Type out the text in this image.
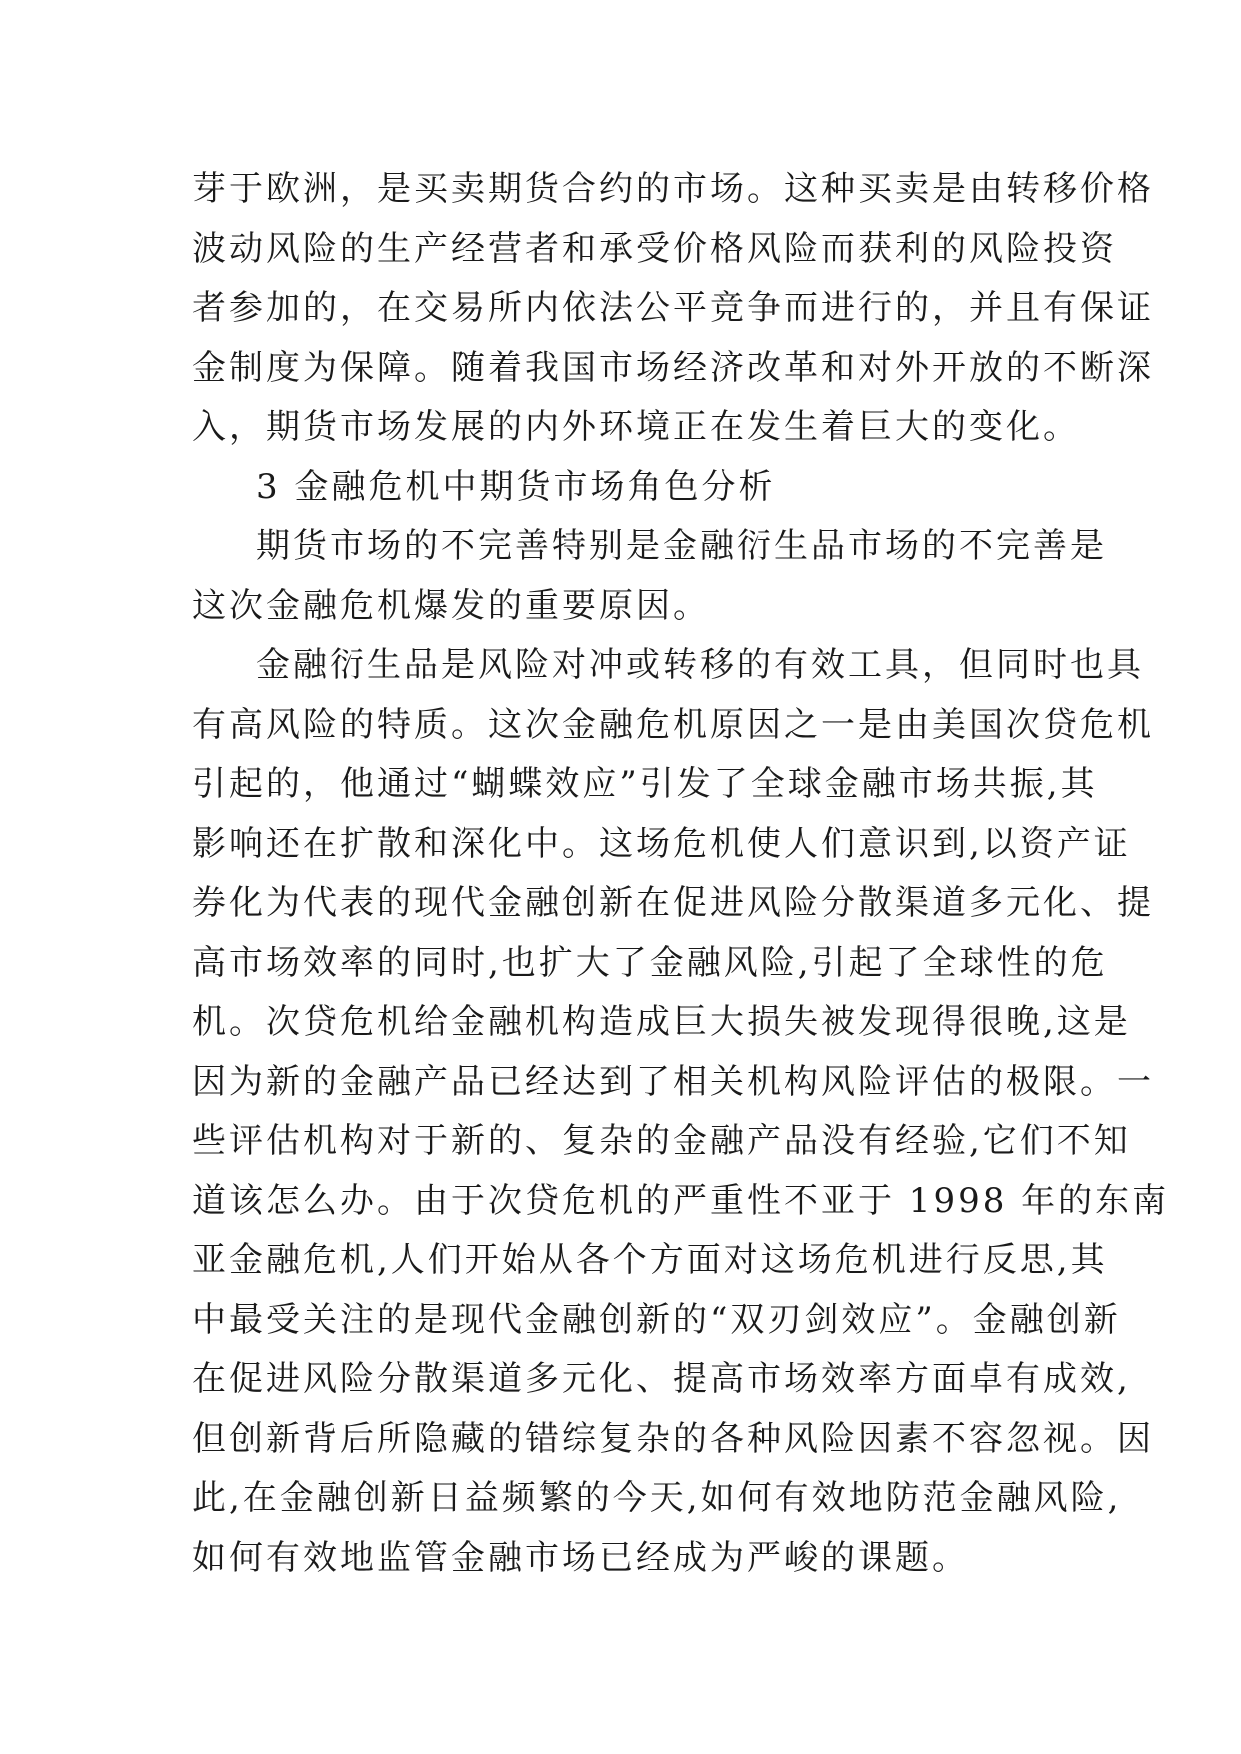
芽于欧洲，是买卖期货合约的市场。这种买卖是由转移价格
波动风险的生产经营者和承受价格风险而获利的风险投资
者参加的，在交易所内依法公平竞争而进行的，并且有保证
金制度为保障。随着我国市场经济改革和对外开放的不断深
入，期货市场发展的内外环境正在发生着巨大的变化。
3 金融危机中期货市场角色分析
期货市场的不完善特别是金融衍生品市场的不完善是
这次金融危机爆发的重要原因。
金融衍生品是风险对冲或转移的有效工具，但同时也具
有高风险的特质。这次金融危机原因之一是由美国次贷危机
引起的，他通过“蝴蝶效应”引发了全球金融市场共振,其
影响还在扩散和深化中。这场危机使人们意识到,以资产证
券化为代表的现代金融创新在促进风险分散渠道多元化、提
高市场效率的同时,也扩大了金融风险,引起了全球性的危
机。次贷危机给金融机构造成巨大损失被发现得很晚,这是
因为新的金融产品已经达到了相关机构风险评估的极限。一
些评估机构对于新的、复杂的金融产品没有经验,它们不知
道该怎么办。由于次贷危机的严重性不亚于 1998 年的东南
亚金融危机,人们开始从各个方面对这场危机进行反思,其
中最受关注的是现代金融创新的“双刃剑效应”。金融创新
在促进风险分散渠道多元化、提高市场效率方面卓有成效,
但创新背后所隐藏的错综复杂的各种风险因素不容忽视。因
此,在金融创新日益频繁的今天,如何有效地防范金融风险,
如何有效地监管金融市场已经成为严峻的课题。
